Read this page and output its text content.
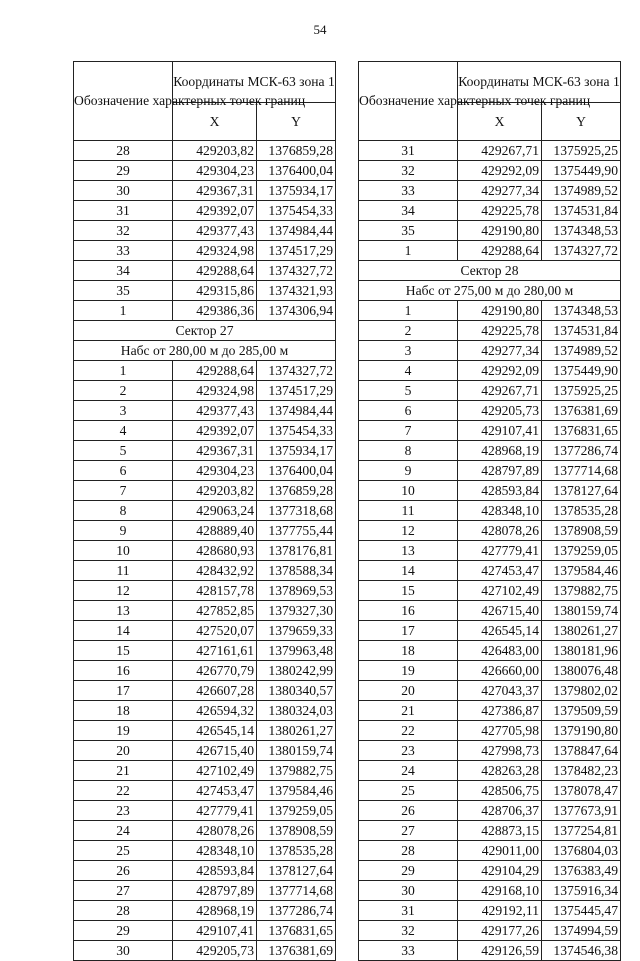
54
Обозначение характерных точек границ	Координаты МСК-63 зона 1	
	X	Y
28	429203,82	1376859,28
29	429304,23	1376400,04
30	429367,31	1375934,17
31	429392,07	1375454,33
32	429377,43	1374984,44
33	429324,98	1374517,29
34	429288,64	1374327,72
35	429315,86	1374321,93
1	429386,36	1374306,94
Сектор 27		
Набс от 280,00 м до 285,00 м		
1	429288,64	1374327,72
2	429324,98	1374517,29
3	429377,43	1374984,44
4	429392,07	1375454,33
5	429367,31	1375934,17
6	429304,23	1376400,04
7	429203,82	1376859,28
8	429063,24	1377318,68
9	428889,40	1377755,44
10	428680,93	1378176,81
11	428432,92	1378588,34
12	428157,78	1378969,53
13	427852,85	1379327,30
14	427520,07	1379659,33
15	427161,61	1379963,48
16	426770,79	1380242,99
17	426607,28	1380340,57
18	426594,32	1380324,03
19	426545,14	1380261,27
20	426715,40	1380159,74
21	427102,49	1379882,75
22	427453,47	1379584,46
23	427779,41	1379259,05
24	428078,26	1378908,59
25	428348,10	1378535,28
26	428593,84	1378127,64
27	428797,89	1377714,68
28	428968,19	1377286,74
29	429107,41	1376831,65
30	429205,73	1376381,69
Обозначение характерных точек границ	Координаты МСК-63 зона 1	
	X	Y
31	429267,71	1375925,25
32	429292,09	1375449,90
33	429277,34	1374989,52
34	429225,78	1374531,84
35	429190,80	1374348,53
1	429288,64	1374327,72
Сектор 28		
Набс от 275,00 м до 280,00 м		
1	429190,80	1374348,53
2	429225,78	1374531,84
3	429277,34	1374989,52
4	429292,09	1375449,90
5	429267,71	1375925,25
6	429205,73	1376381,69
7	429107,41	1376831,65
8	428968,19	1377286,74
9	428797,89	1377714,68
10	428593,84	1378127,64
11	428348,10	1378535,28
12	428078,26	1378908,59
13	427779,41	1379259,05
14	427453,47	1379584,46
15	427102,49	1379882,75
16	426715,40	1380159,74
17	426545,14	1380261,27
18	426483,00	1380181,96
19	426660,00	1380076,48
20	427043,37	1379802,02
21	427386,87	1379509,59
22	427705,98	1379190,80
23	427998,73	1378847,64
24	428263,28	1378482,23
25	428506,75	1378078,47
26	428706,37	1377673,91
27	428873,15	1377254,81
28	429011,00	1376804,03
29	429104,29	1376383,49
30	429168,10	1375916,34
31	429192,11	1375445,47
32	429177,26	1374994,59
33	429126,59	1374546,38
